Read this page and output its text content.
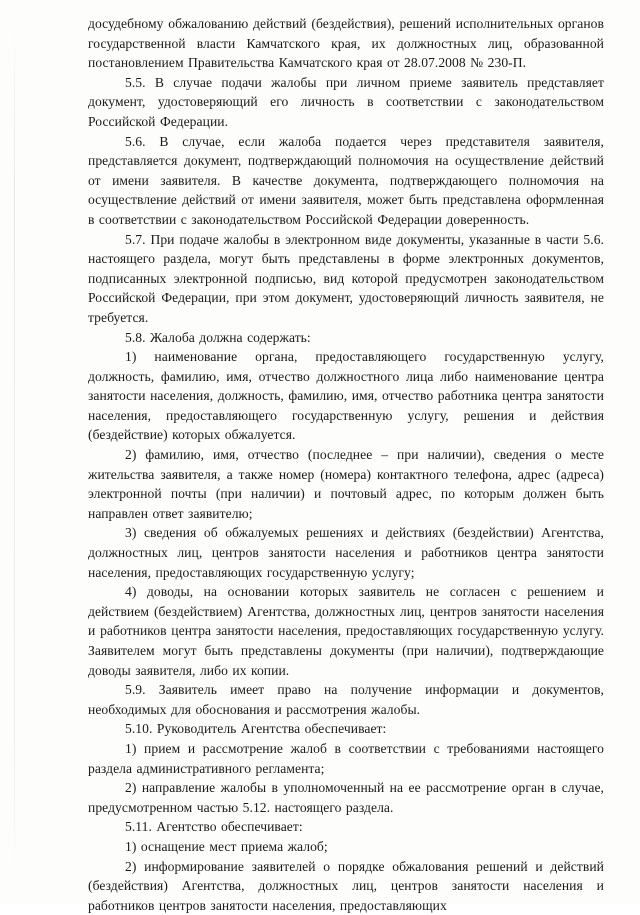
досудебному обжалованию действий (бездействия), решений исполнительных органов государственной власти Камчатского края, их должностных лиц, образованной постановлением Правительства Камчатского края от 28.07.2008 № 230-П.

5.5. В случае подачи жалобы при личном приеме заявитель представляет документ, удостоверяющий его личность в соответствии с законодательством Российской Федерации.

5.6. В случае, если жалоба подается через представителя заявителя, представляется документ, подтверждающий полномочия на осуществление действий от имени заявителя. В качестве документа, подтверждающего полномочия на осуществление действий от имени заявителя, может быть представлена оформленная в соответствии с законодательством Российской Федерации доверенность.

5.7. При подаче жалобы в электронном виде документы, указанные в части 5.6. настоящего раздела, могут быть представлены в форме электронных документов, подписанных электронной подписью, вид которой предусмотрен законодательством Российской Федерации, при этом документ, удостоверяющий личность заявителя, не требуется.

5.8. Жалоба должна содержать:

1) наименование органа, предоставляющего государственную услугу, должность, фамилию, имя, отчество должностного лица либо наименование центра занятости населения, должность, фамилию, имя, отчество работника центра занятости населения, предоставляющего государственную услугу, решения и действия (бездействие) которых обжалуется.

2) фамилию, имя, отчество (последнее – при наличии), сведения о месте жительства заявителя, а также номер (номера) контактного телефона, адрес (адреса) электронной почты (при наличии) и почтовый адрес, по которым должен быть направлен ответ заявителю;

3) сведения об обжалуемых решениях и действиях (бездействии) Агентства, должностных лиц, центров занятости населения и работников центра занятости населения, предоставляющих государственную услугу;

4) доводы, на основании которых заявитель не согласен с решением и действием (бездействием) Агентства, должностных лиц, центров занятости населения и работников центра занятости населения, предоставляющих государственную услугу. Заявителем могут быть представлены документы (при наличии), подтверждающие доводы заявителя, либо их копии.

5.9. Заявитель имеет право на получение информации и документов, необходимых для обоснования и рассмотрения жалобы.

5.10. Руководитель Агентства обеспечивает:

1) прием и рассмотрение жалоб в соответствии с требованиями настоящего раздела административного регламента;

2) направление жалобы в уполномоченный на ее рассмотрение орган в случае, предусмотренном частью 5.12. настоящего раздела.

5.11. Агентство обеспечивает:

1) оснащение мест приема жалоб;

2) информирование заявителей о порядке обжалования решений и действий (бездействия) Агентства, должностных лиц, центров занятости населения и работников центров занятости населения, предоставляющих
